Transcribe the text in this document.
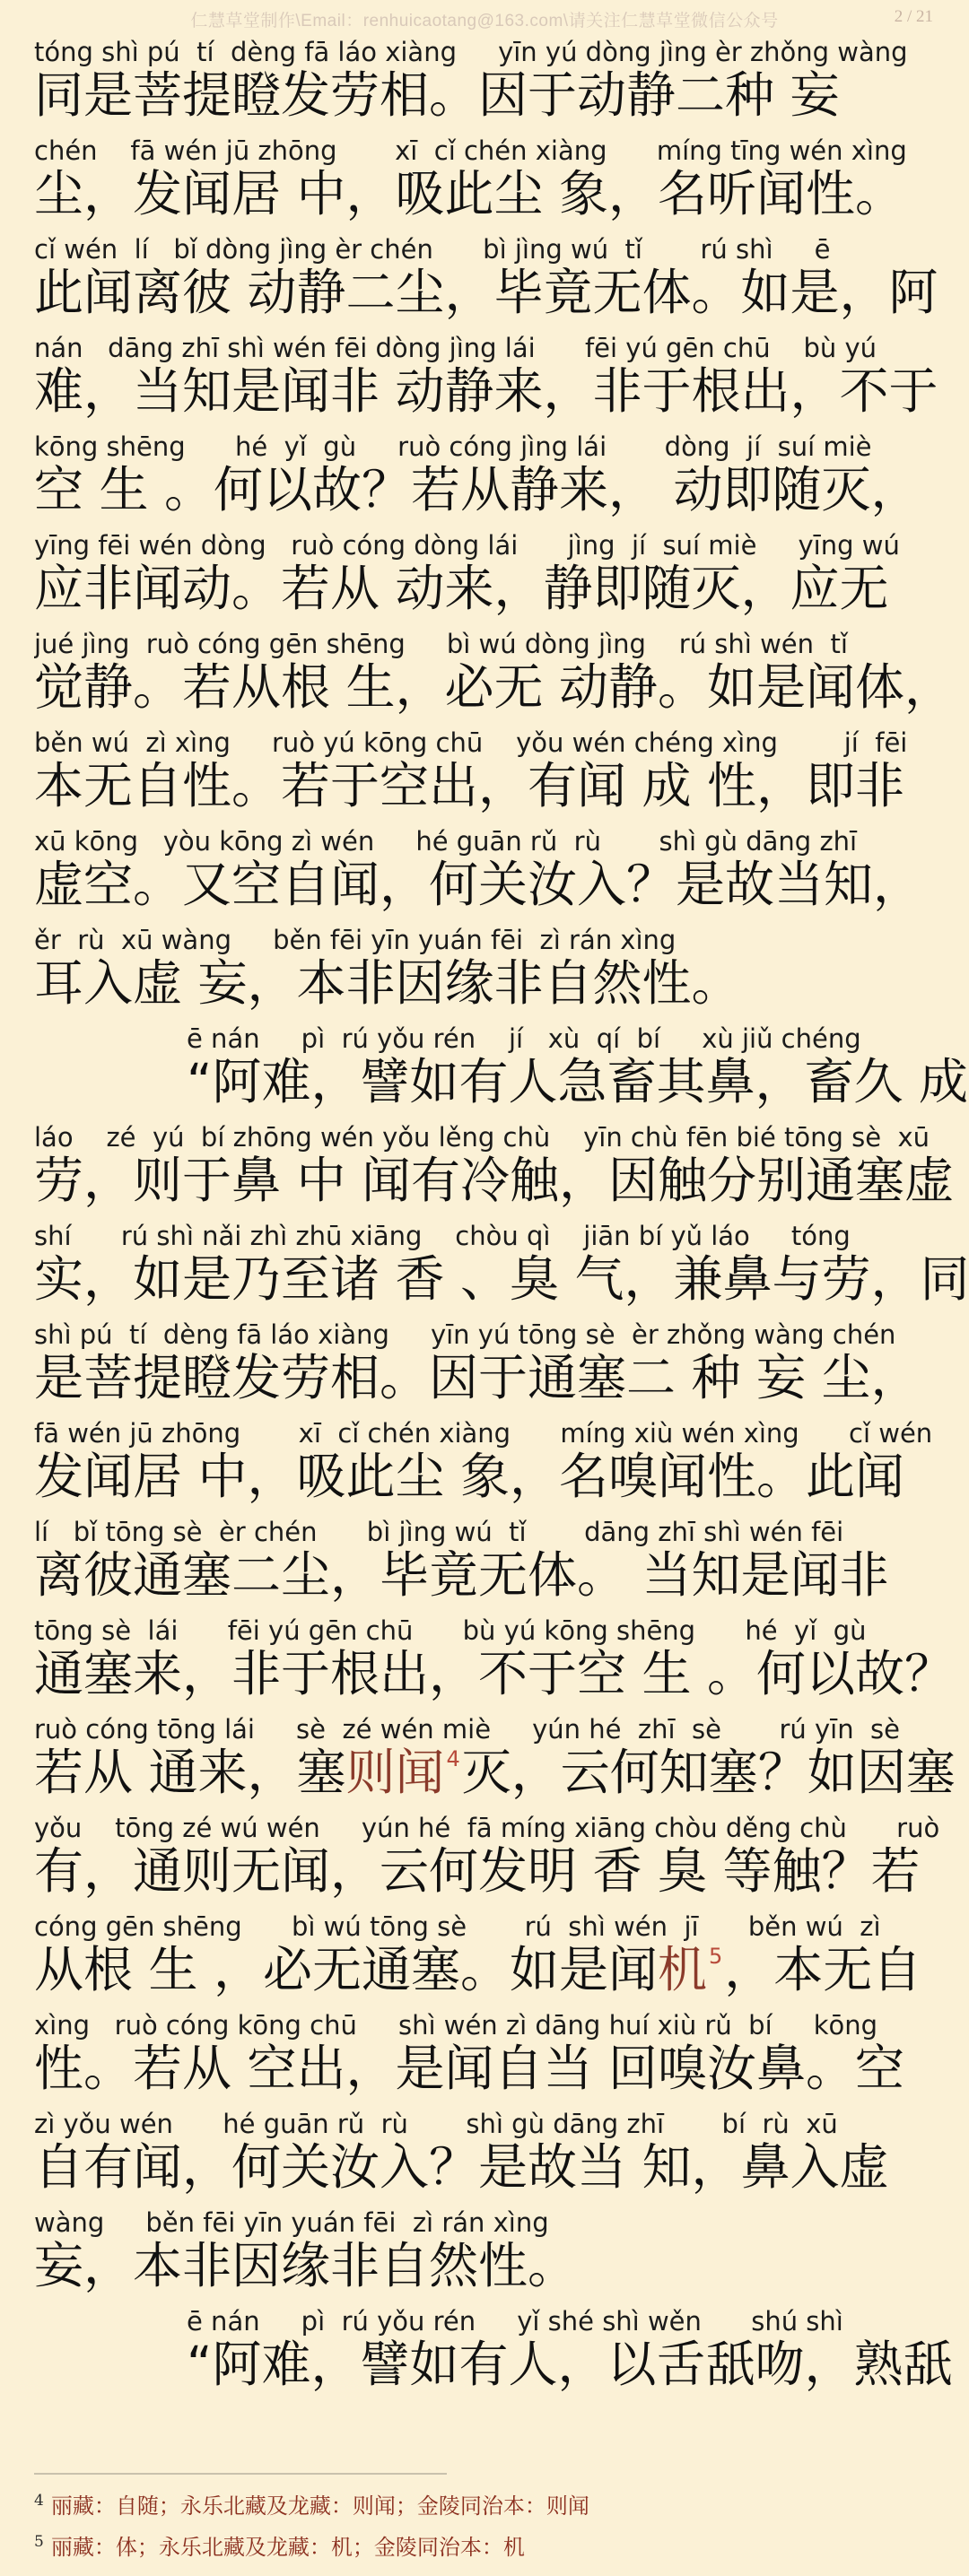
仁慧草堂制作\Email：renhuicaotang@163.com\请关注仁慧草堂微信公众号	2 / 21
tóng shì pú  tí  dèng fā láo xiàng     yīn yú dòng jìng èr zhǒng wàng
同是菩提瞪发劳相。因于动静二种 妄
chén    fā wén jū zhōng       xī  cǐ chén xiàng      míng tīng wén xìng
尘，发闻居 中，吸此尘 象，名听闻性。
cǐ wén  lí   bǐ dòng jìng èr chén      bì jìng wú  tǐ       rú shì     ē
此闻离彼 动静二尘，毕竟无体。如是，阿
nán   dāng zhī shì wén fēi dòng jìng lái      fēi yú gēn chū    bù yú
难，当知是闻非 动静来，非于根出，不于
kōng shēng      hé  yǐ  gù     ruò cóng jìng lái       dòng  jí  suí miè
空 生 。何以故？若从静来， 动即随灭，
yīng fēi wén dòng   ruò cóng dòng lái      jìng  jí  suí miè     yīng wú
应非闻动。若从 动来，静即随灭，应无
jué jìng  ruò cóng gēn shēng     bì wú dòng jìng    rú shì wén  tǐ
觉静。若从根 生，必无 动静。如是闻体，
běn wú  zì xìng     ruò yú kōng chū    yǒu wén chéng xìng        jí  fēi
本无自性。若于空出，有闻 成 性，即非
xū kōng   yòu kōng zì wén     hé guān rǔ  rù       shì gù dāng zhī
虚空。又空自闻，何关汝入？是故当知，
ěr  rù  xū wàng     běn fēi yīn yuán fēi  zì rán xìng
耳入虚 妄，本非因缘非自然性。
ē nán     pì  rú yǒu rén    jí   xù  qí  bí     xù jiǔ chéng
“阿难，譬如有人急畜其鼻，畜久 成
láo    zé  yú  bí zhōng wén yǒu lěng chù    yīn chù fēn bié tōng sè  xū
劳，则于鼻 中 闻有冷触，因触分别通塞虚
shí      rú shì nǎi zhì zhū xiāng    chòu qì    jiān bí yǔ láo     tóng
实，如是乃至诸 香 、臭 气，兼鼻与劳，同
shì pú  tí  dèng fā láo xiàng     yīn yú tōng sè  èr zhǒng wàng chén
是菩提瞪发劳相。因于通塞二 种 妄 尘，
fā wén jū zhōng       xī  cǐ chén xiàng      míng xiù wén xìng      cǐ wén
发闻居 中，吸此尘 象，名嗅闻性。此闻
lí   bǐ tōng sè  èr chén      bì jìng wú  tǐ       dāng zhī shì wén fēi
离彼通塞二尘，毕竟无体。 当知是闻非
tōng sè  lái      fēi yú gēn chū      bù yú kōng shēng      hé  yǐ  gù
通塞来，非于根出，不于空 生 。何以故？
ruò cóng tōng lái     sè  zé wén miè     yún hé  zhī  sè       rú yīn  sè
若从 通来，塞则闻$^4$灭，云何知塞？如因塞
yǒu    tōng zé wú wén     yún hé  fā míng xiāng chòu děng chù      ruò
有，通则无闻，云何发明 香 臭 等触？若
cóng gēn shēng      bì wú tōng sè       rú  shì wén  jī      běn wú  zì
从根 生 ，必无通塞。如是闻机$^5$，本无自
xìng   ruò cóng kōng chū     shì wén zì dāng huí xiù rǔ  bí     kōng
性。若从 空出，是闻自当 回嗅汝鼻。空
zì yǒu wén      hé guān rǔ  rù       shì gù dāng zhī       bí  rù  xū
自有闻，何关汝入？是故当 知，鼻入虚
wàng     běn fēi yīn yuán fēi  zì rán xìng
妄，本非因缘非自然性。
ē nán     pì  rú yǒu rén     yǐ shé shì wěn      shú shì
“阿难，譬如有人，以舌舐吻，熟舐
$^4$ 丽藏：自随；永乐北藏及龙藏：则闻；金陵同治本：则闻
$^5$ 丽藏：体；永乐北藏及龙藏：机；金陵同治本：机
